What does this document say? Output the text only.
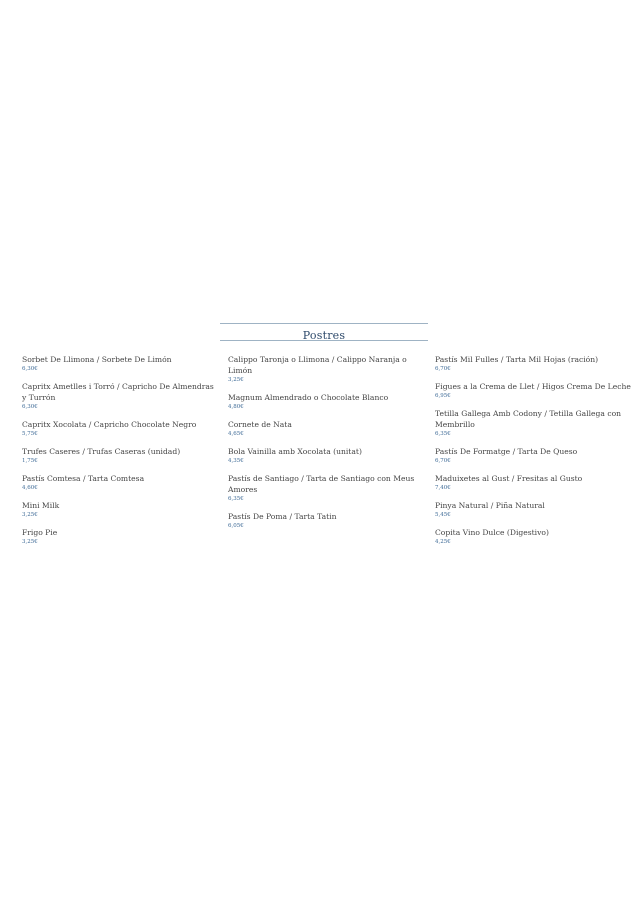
Postres
Sorbet De Llimona / Sorbete De Limón
6,30€
Capritx Ametlles i Torró / Capricho De Almendras y Turrón
6,30€
Capritx Xocolata / Capricho Chocolate Negro
5,75€
Trufes Caseres / Trufas Caseras (unidad)
1,75€
Pastís Comtesa / Tarta Comtesa
4,60€
Mini Milk
3,25€
Frigo Pie
3,25€
Calippo Taronja o Llimona / Calippo Naranja o Limón
3,25€
Magnum Almendrado o Chocolate Blanco
4,80€
Cornete de Nata
4,65€
Bola Vainilla amb Xocolata (unitat)
4,35€
Pastís de Santiago / Tarta de Santiago con Meus Amores
6,35€
Pastís De Poma / Tarta Tatin
6,05€
Pastís Mil Fulles / Tarta Mil Hojas (ración)
6,70€
Figues a la Crema de Llet / Higos Crema De Leche
6,95€
Tetilla Gallega Amb Codony / Tetilla Gallega con Membrillo
6,35€
Pastís De Formatge / Tarta De Queso
6,70€
Maduixetes al Gust / Fresitas al Gusto
7,40€
Pinya Natural / Piña Natural
5,45€
Copita Vino Dulce (Digestivo)
4,25€
